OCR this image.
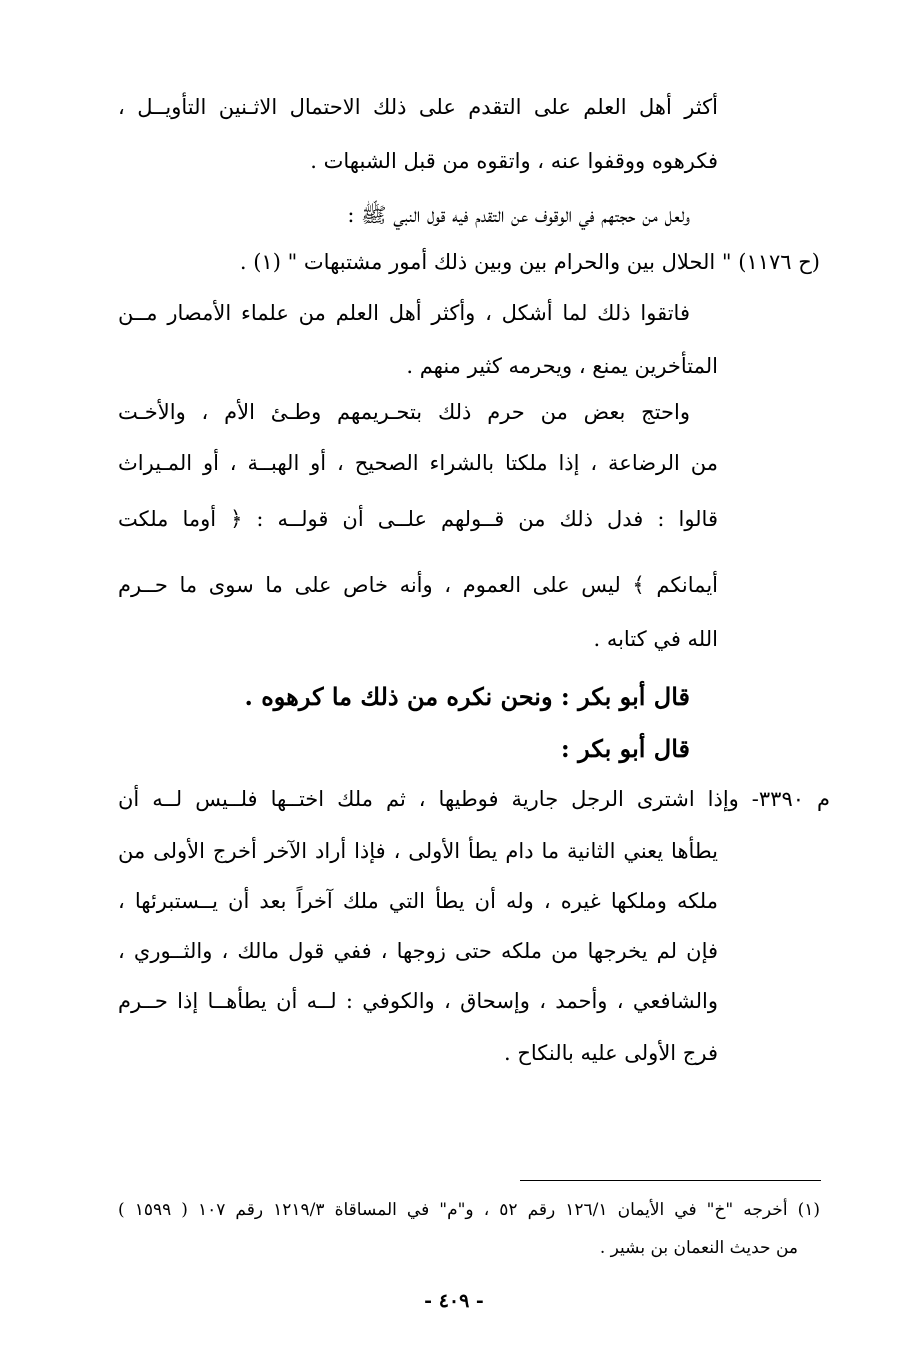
أكثر أهل العلم على التقدم على ذلك الاحتمال الاثـنين التأويــل ،
فكرهوه ووقفوا عنه ، واتقوه من قبل الشبهات .
ولعل من حجتهم في الوقوف عن التقدم فيه قول النبي ﷺ :
(ح ١١٧٦) " الحلال بين والحرام بين وبين ذلك أمور مشتبهات " (١) .
فاتقوا ذلك لما أشكل ، وأكثر أهل العلم من علماء الأمصار مــن
المتأخرين يمنع ، ويحرمه كثير منهم .
واحتج بعض من حرم ذلك بتحـريمهم وطـئ الأم ، والأخـت
من الرضاعة ، إذا ملكتا بالشراء الصحيح ، أو الهبــة ، أو المـيراث
قالوا : فدل ذلك من قــولهم علــى أن قولــه : ﴿ أوما ملكت
أيمانكم ﴾ ليس على العموم ، وأنه خاص على ما سوى ما حــرم
الله في كتابه .
قال أبو بكر : ونحن نكره من ذلك ما كرهوه .
قال أبو بكر :
م ٣٣٩٠- وإذا اشترى الرجل جارية فوطيها ، ثم ملك اختــها فلــيس لــه أن
يطأها يعني الثانية ما دام يطأ الأولى ، فإذا أراد الآخر أخرج الأولى من
ملكه وملكها غيره ، وله أن يطأ التي ملك آخراً بعد أن يــستبرئها ،
فإن لم يخرجها من ملكه حتى زوجها ، ففي قول مالك ، والثــوري ،
والشافعي ، وأحمد ، وإسحاق ، والكوفي : لــه أن يطأهــا إذا حــرم
فرج الأولى عليه بالنكاح .
(١) أخرجه "خ" في الأيمان ١٢٦/١ رقم ٥٢ ، و"م" في المساقاة ١٢١٩/٣ رقم ١٠٧ ( ١٥٩٩ )
من حديث النعمان بن بشير .
- ٤٠٩ -
